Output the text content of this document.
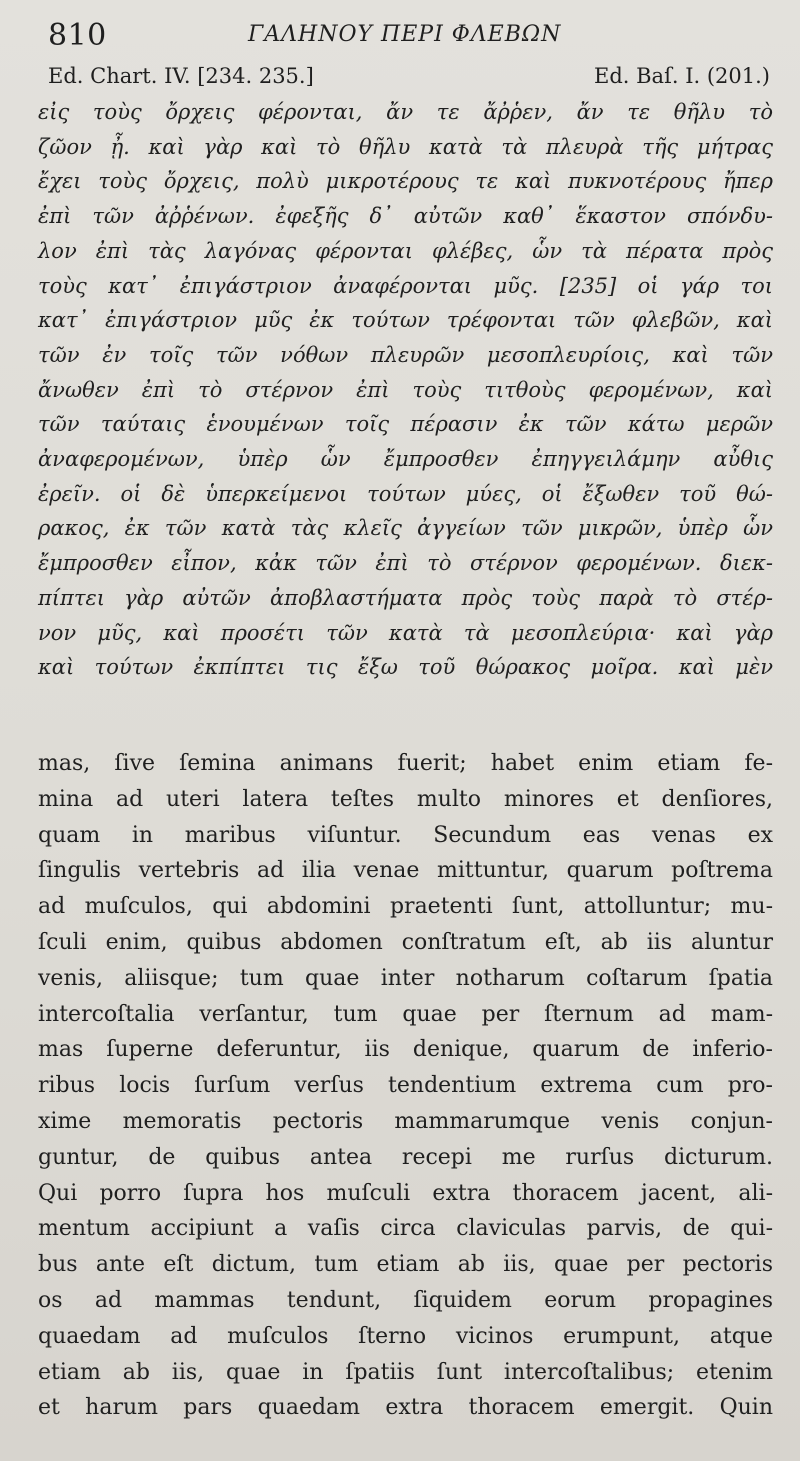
810	ΓΑΛΗΝΟΥ ΠΕΡΙ ΦΛΕΒΩΝ
Ed. Chart. IV. [234. 235.]	Ed. Baſ. I. (201.)
εἰς τοὺς ὄρχεις φέρονται, ἄν τε ἄῤῥεν, ἄν τε θῆλυ τὸ
ζῶον ᾖ. καὶ γὰρ καὶ τὸ θῆλυ κατὰ τὰ πλευρὰ τῆς μήτρας
ἔχει τοὺς ὄρχεις, πολὺ μικροτέρους τε καὶ πυκνοτέρους ἤπερ
ἐπὶ τῶν ἀῤῥένων. ἐφεξῆς δ᾽ αὐτῶν καθ᾽ ἕκαστον σπόνδυ-
λον ἐπὶ τὰς λαγόνας φέρονται φλέβες, ὧν τὰ πέρατα πρὸς
τοὺς κατ᾽ ἐπιγάστριον ἀναφέρονται μῦς. [235] οἱ γάρ τοι
κατ᾽ ἐπιγάστριον μῦς ἐκ τούτων τρέφονται τῶν φλεβῶν, καὶ
τῶν ἐν τοῖς τῶν νόθων πλευρῶν μεσοπλευρίοις, καὶ τῶν
ἄνωθεν ἐπὶ τὸ στέρνον ἐπὶ τοὺς τιτθοὺς φερομένων, καὶ
τῶν ταύταις ἑνουμένων τοῖς πέρασιν ἐκ τῶν κάτω μερῶν
ἀναφερομένων, ὑπὲρ ὧν ἔμπροσθεν ἐπηγγειλάμην αὖθις
ἐρεῖν. οἱ δὲ ὑπερκείμενοι τούτων μύες, οἱ ἔξωθεν τοῦ θώ-
ρακος, ἐκ τῶν κατὰ τὰς κλεῖς ἀγγείων τῶν μικρῶν, ὑπὲρ ὧν
ἔμπροσθεν εἶπον, κἀκ τῶν ἐπὶ τὸ στέρνον φερομένων. διεκ-
πίπτει γὰρ αὐτῶν ἀποβλαστήματα πρὸς τοὺς παρὰ τὸ στέρ-
νον μῦς, καὶ προσέτι τῶν κατὰ τὰ μεσοπλεύρια· καὶ γὰρ
καὶ τούτων ἐκπίπτει τις ἔξω τοῦ θώρακος μοῖρα. καὶ μὲν
mas, ſive ſemina animans fuerit; habet enim etiam fe-
mina ad uteri latera teſtes multo minores et denſiores,
quam in maribus viſuntur. Secundum eas venas ex
ſingulis vertebris ad ilia venae mittuntur, quarum poſtrema
ad muſculos, qui abdomini praetenti ſunt, attolluntur; mu-
ſculi enim, quibus abdomen conſtratum eſt, ab iis aluntur
venis, aliisque; tum quae inter notharum coſtarum ſpatia
intercoſtalia verſantur, tum quae per ſternum ad mam-
mas ſuperne deferuntur, iis denique, quarum de inferio-
ribus locis ſurſum verſus tendentium extrema cum pro-
xime memoratis pectoris mammarumque venis conjun-
guntur, de quibus antea recepi me rurſus dicturum.
Qui porro ſupra hos muſculi extra thoracem jacent, ali-
mentum accipiunt a vaſis circa claviculas parvis, de qui-
bus ante eſt dictum, tum etiam ab iis, quae per pectoris
os ad mammas tendunt, ſiquidem eorum propagines
quaedam ad muſculos ſterno vicinos erumpunt, atque
etiam ab iis, quae in ſpatiis ſunt intercoſtalibus; etenim
et harum pars quaedam extra thoracem emergit. Quin
